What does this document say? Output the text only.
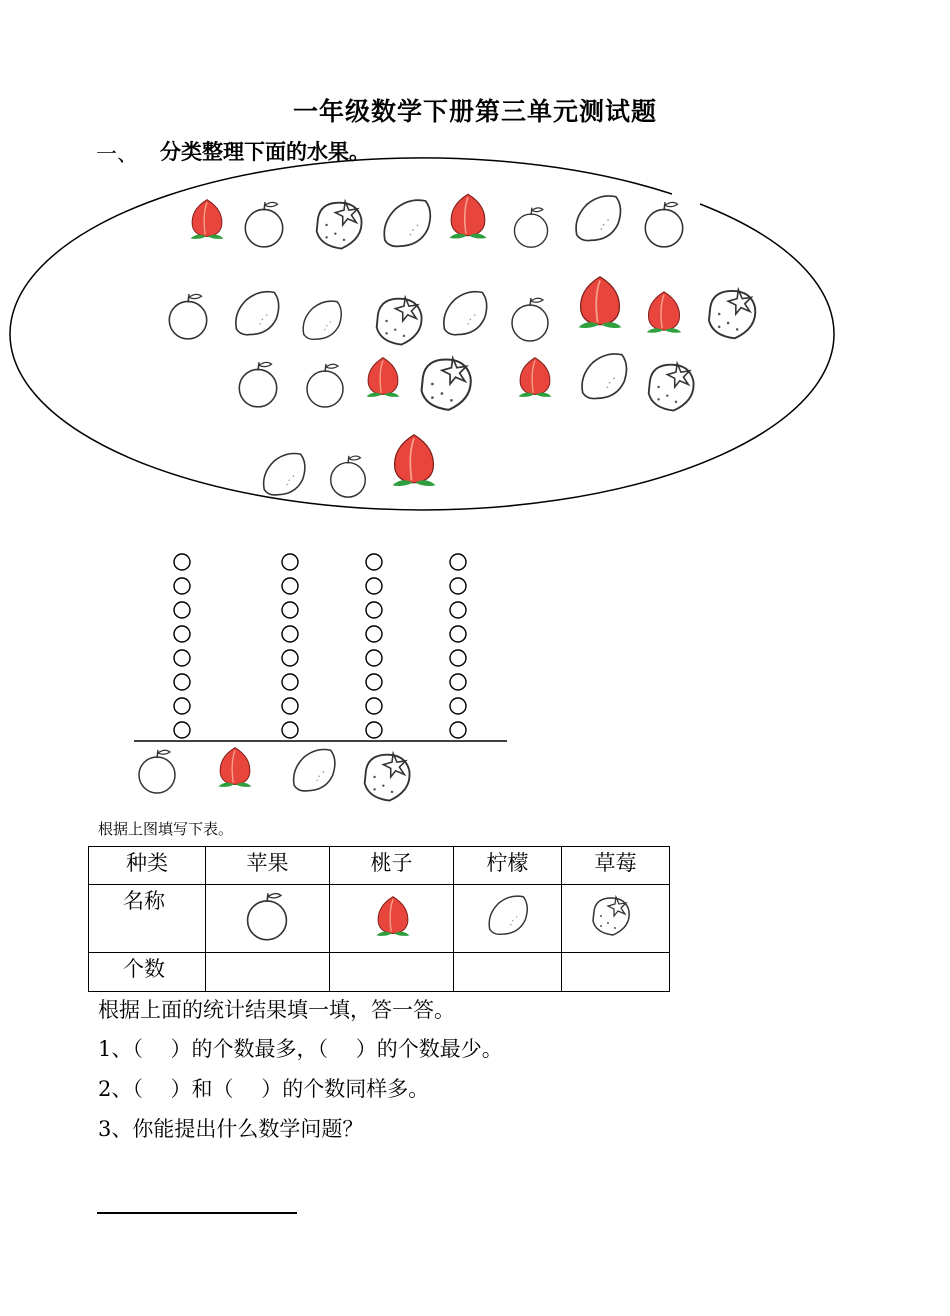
一年级数学下册第三单元测试题
一、 分类整理下面的水果。
根据上图填写下表。
种类	苹果	桃子	柠檬	草莓
名称	

个数				
根据上面的统计结果填一填，答一答。
1、（　 ）的个数最多，（　 ）的个数最少。
2、（　 ）和（　 ）的个数同样多。
3、你能提出什么数学问题？
